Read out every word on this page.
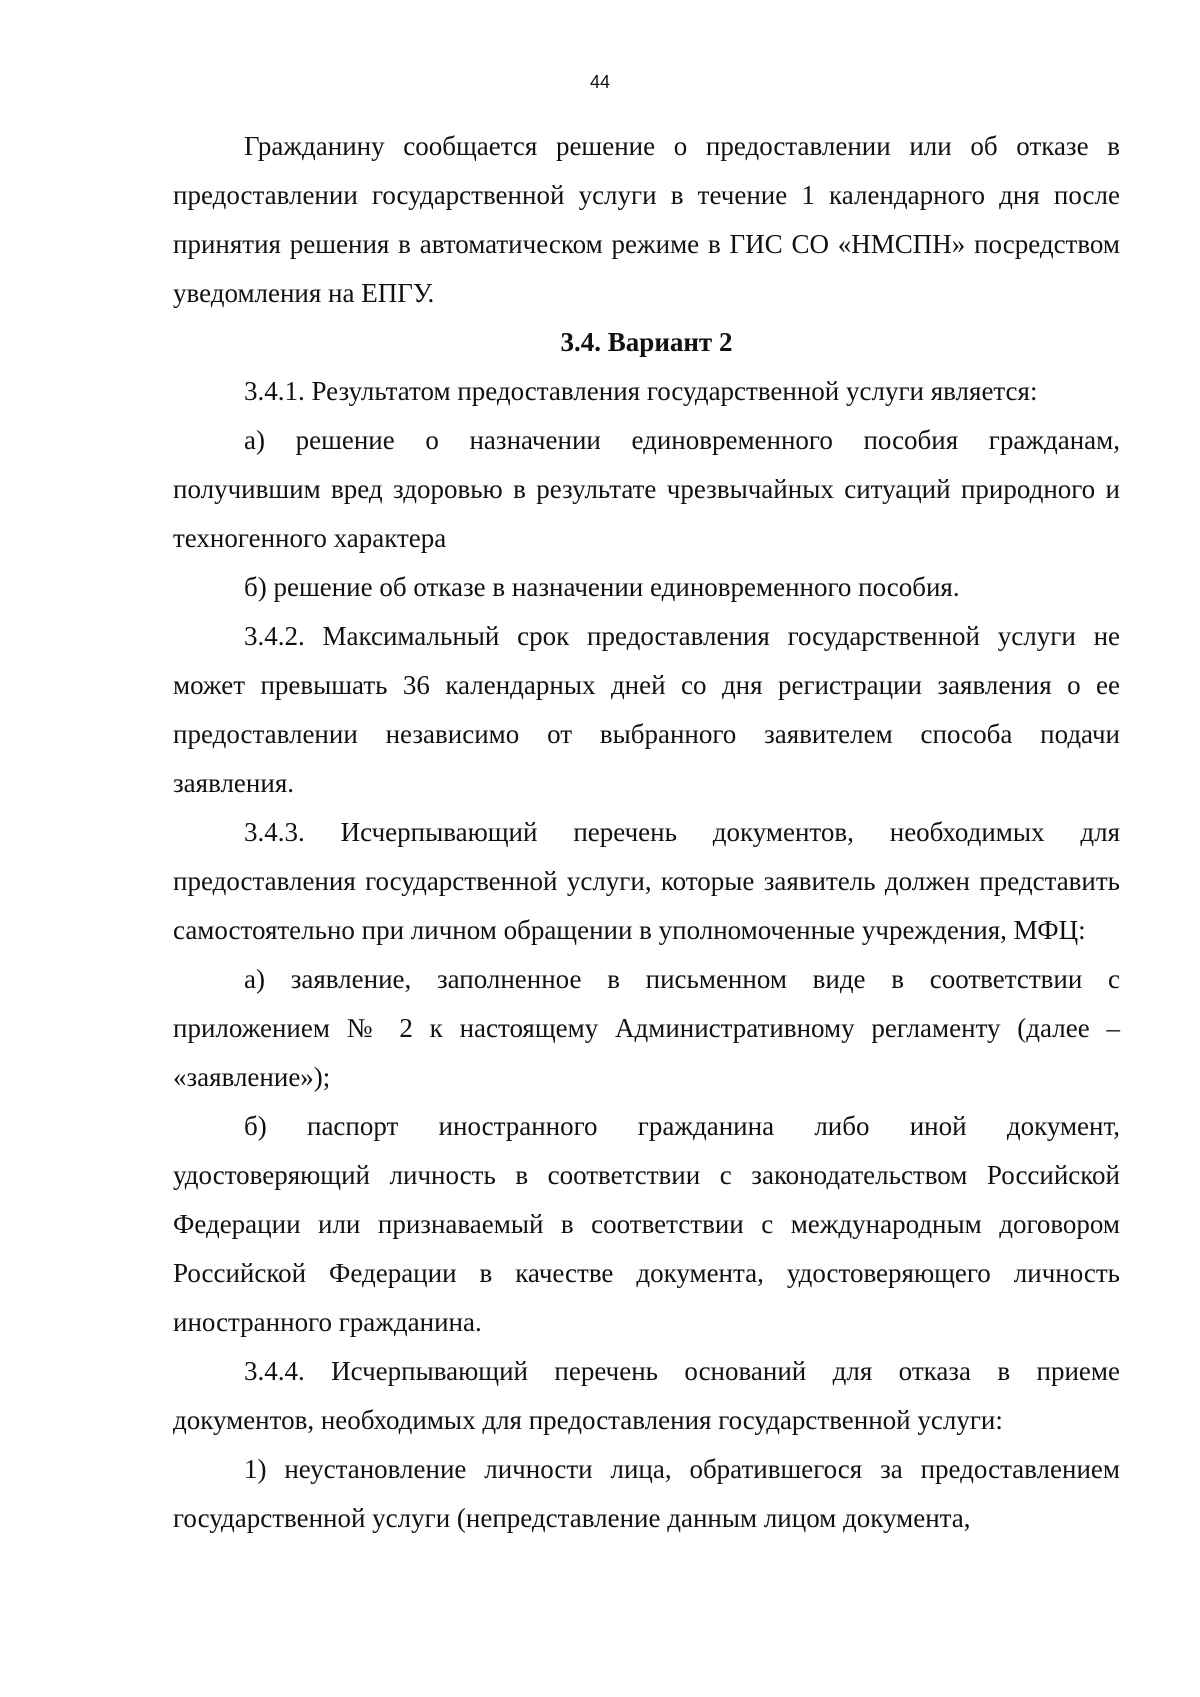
44

Гражданину сообщается решение о предоставлении или об отказе в предоставлении государственной услуги в течение 1 календарного дня после принятия решения в автоматическом режиме в ГИС СО «НМСПН» посредством уведомления на ЕПГУ.

3.4. Вариант 2

3.4.1. Результатом предоставления государственной услуги является:

а) решение о назначении единовременного пособия гражданам, получившим вред здоровью в результате чрезвычайных ситуаций природного и техногенного характера

б) решение об отказе в назначении единовременного пособия.

3.4.2. Максимальный срок предоставления государственной услуги не может превышать 36 календарных дней со дня регистрации заявления о ее предоставлении независимо от выбранного заявителем способа подачи заявления.

3.4.3. Исчерпывающий перечень документов, необходимых для предоставления государственной услуги, которые заявитель должен представить самостоятельно при личном обращении в уполномоченные учреждения, МФЦ:

а) заявление, заполненное в письменном виде в соответствии с приложением № 2 к настоящему Административному регламенту (далее – «заявление»);

б) паспорт иностранного гражданина либо иной документ, удостоверяющий личность в соответствии с законодательством Российской Федерации или признаваемый в соответствии с международным договором Российской Федерации в качестве документа, удостоверяющего личность иностранного гражданина.

3.4.4. Исчерпывающий перечень оснований для отказа в приеме документов, необходимых для предоставления государственной услуги:

1) неустановление личности лица, обратившегося за предоставлением государственной услуги (непредставление данным лицом документа,
